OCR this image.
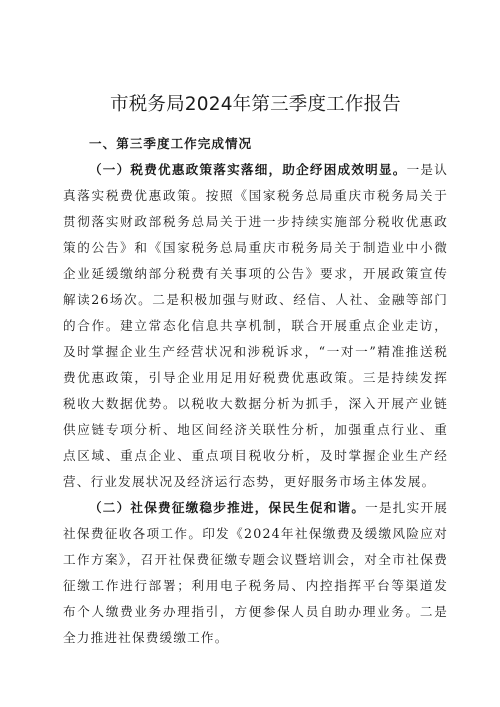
市税务局2024年第三季度工作报告

一、第三季度工作完成情况

（一）税费优惠政策落实落细，助企纾困成效明显。一是认真落实税费优惠政策。按照《国家税务总局重庆市税务局关于贯彻落实财政部税务总局关于进一步持续实施部分税收优惠政策的公告》和《国家税务总局重庆市税务局关于制造业中小微企业延缓缴纳部分税费有关事项的公告》要求，开展政策宣传解读26场次。二是积极加强与财政、经信、人社、金融等部门的合作。建立常态化信息共享机制，联合开展重点企业走访，及时掌握企业生产经营状况和涉税诉求，“一对一”精准推送税费优惠政策，引导企业用足用好税费优惠政策。三是持续发挥税收大数据优势。以税收大数据分析为抓手，深入开展产业链供应链专项分析、地区间经济关联性分析，加强重点行业、重点区域、重点企业、重点项目税收分析，及时掌握企业生产经营、行业发展状况及经济运行态势，更好服务市场主体发展。

（二）社保费征缴稳步推进，保民生促和谐。一是扎实开展社保费征收各项工作。印发《2024年社保缴费及缓缴风险应对工作方案》，召开社保费征缴专题会议暨培训会，对全市社保费征缴工作进行部署；利用电子税务局、内控指挥平台等渠道发布个人缴费业务办理指引，方便参保人员自助办理业务。二是全力推进社保费缓缴工作。
